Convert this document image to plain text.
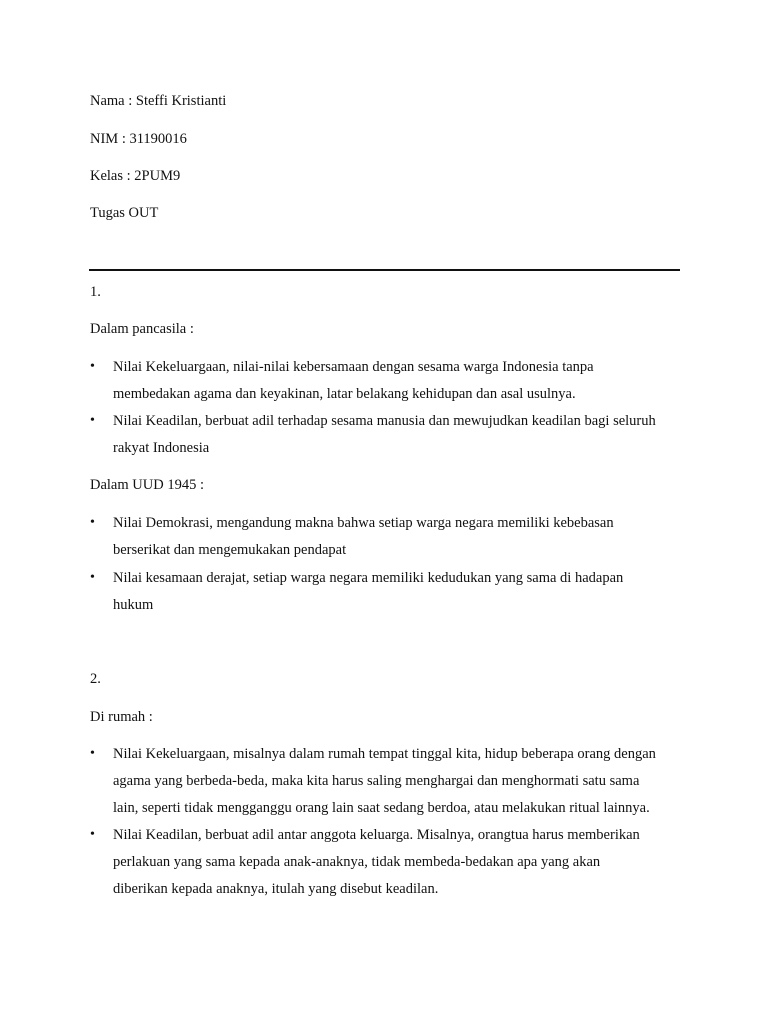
Nama : Steffi Kristianti
NIM : 31190016
Kelas : 2PUM9
Tugas OUT
1.
Dalam pancasila :
• Nilai Kekeluargaan, nilai-nilai kebersamaan dengan sesama warga Indonesia tanpa
membedakan agama dan keyakinan, latar belakang kehidupan dan asal usulnya.
• Nilai Keadilan, berbuat adil terhadap sesama manusia dan mewujudkan keadilan bagi seluruh
rakyat Indonesia
Dalam UUD 1945 :
• Nilai Demokrasi, mengandung makna bahwa setiap warga negara memiliki kebebasan
berserikat dan mengemukakan pendapat
• Nilai kesamaan derajat, setiap warga negara memiliki kedudukan yang sama di hadapan
hukum
2.
Di rumah :
• Nilai Kekeluargaan, misalnya dalam rumah tempat tinggal kita, hidup beberapa orang dengan
agama yang berbeda-beda, maka kita harus saling menghargai dan menghormati satu sama
lain, seperti tidak mengganggu orang lain saat sedang berdoa, atau melakukan ritual lainnya.
• Nilai Keadilan, berbuat adil antar anggota keluarga. Misalnya, orangtua harus memberikan
perlakuan yang sama kepada anak-anaknya, tidak membeda-bedakan apa yang akan
diberikan kepada anaknya, itulah yang disebut keadilan.
